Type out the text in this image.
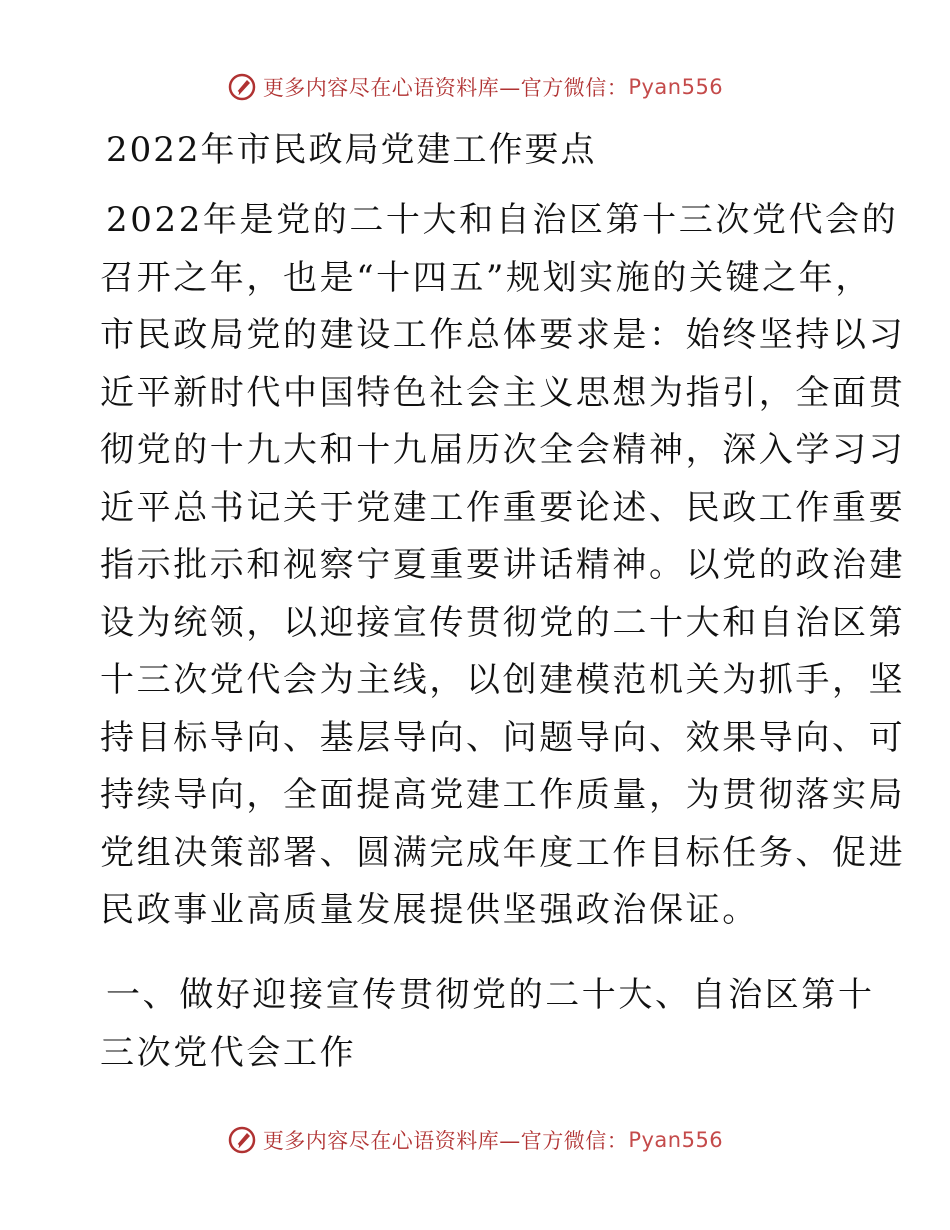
更多内容尽在心语资料库—官方微信： Pyan556
2022年市民政局党建工作要点

2022年是党的二十大和自治区第十三次党代会的
召开之年，也是“十四五”规划实施的关键之年，
市民政局党的建设工作总体要求是：始终坚持以习
近平新时代中国特色社会主义思想为指引，全面贯
彻党的十九大和十九届历次全会精神，深入学习习
近平总书记关于党建工作重要论述、民政工作重要
指示批示和视察宁夏重要讲话精神。以党的政治建
设为统领，以迎接宣传贯彻党的二十大和自治区第
十三次党代会为主线，以创建模范机关为抓手，坚
持目标导向、基层导向、问题导向、效果导向、可
持续导向，全面提高党建工作质量，为贯彻落实局
党组决策部署、圆满完成年度工作目标任务、促进
民政事业高质量发展提供坚强政治保证。

一、做好迎接宣传贯彻党的二十大、自治区第十
三次党代会工作

更多内容尽在心语资料库—官方微信： Pyan556
